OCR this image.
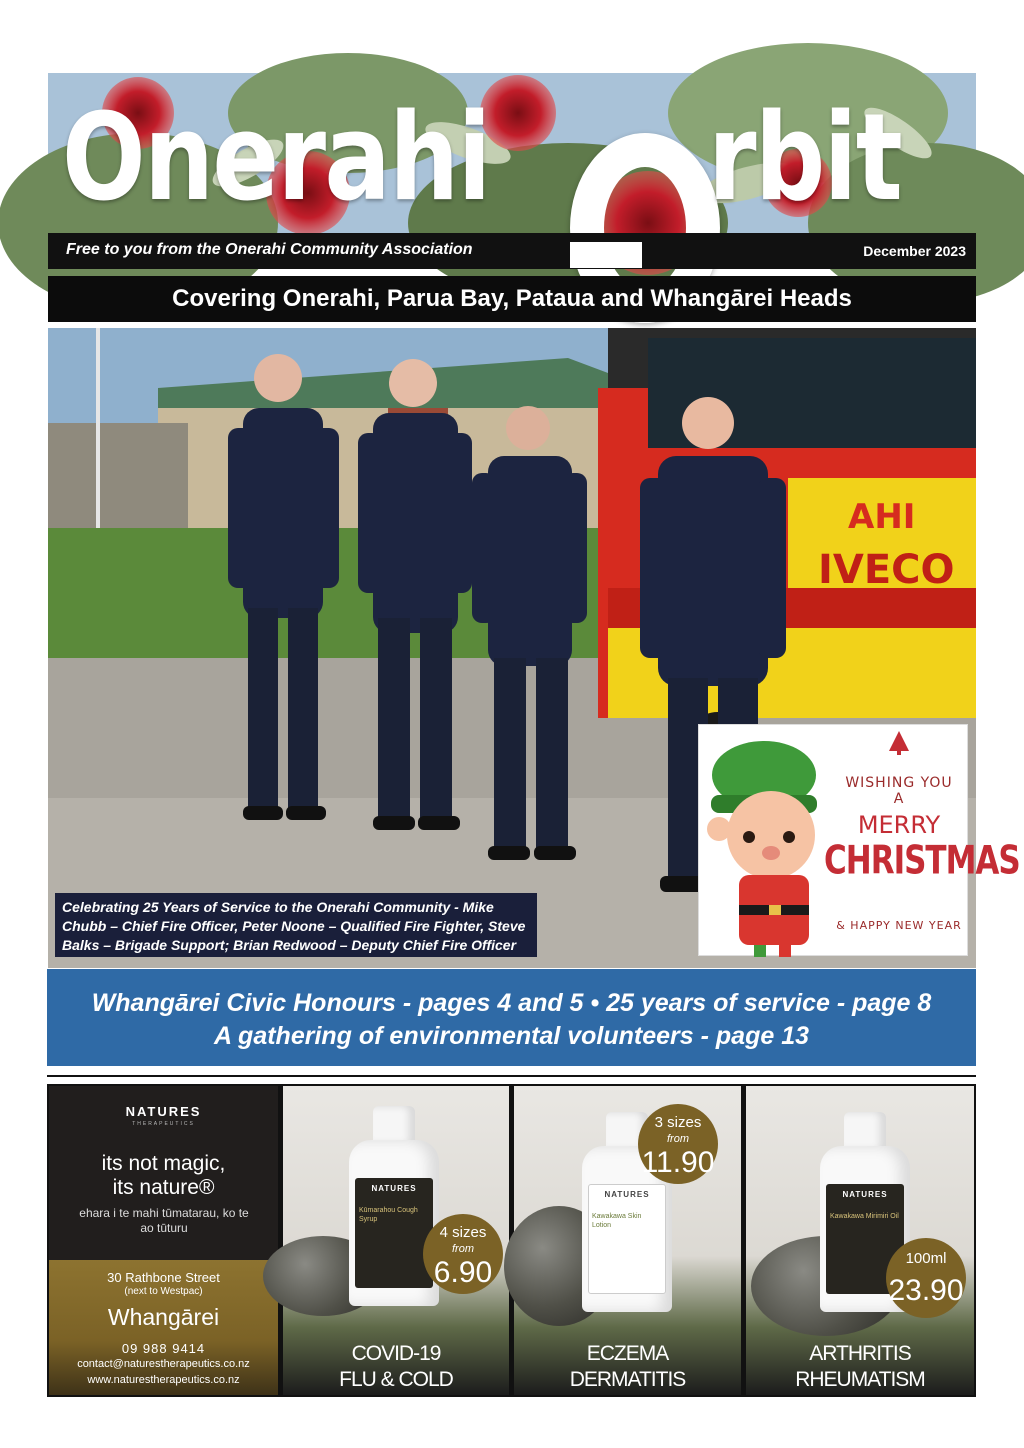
Onerahi rbit
Free to you from the Onerahi Community Association	December 2023
Covering Onerahi, Parua Bay, Pataua and Whangārei Heads
AHI
IVECO
Celebrating 25 Years of Service to the Onerahi Community - Mike Chubb – Chief Fire Officer, Peter Noone – Qualified Fire Fighter, Steve Balks – Brigade Support; Brian Redwood – Deputy Chief Fire Officer
WISHING YOU A
MERRY
CHRISTMAS
& HAPPY NEW YEAR
Whangārei Civic Honours - pages 4 and 5 • 25 years of service - page 8
A gathering of environmental volunteers - page 13
NATURES
THERAPEUTICS
its not magic,
its nature®
ehara i te mahi tūmatarau, ko te ao tūturu
30 Rathbone Street
(next to Westpac)
Whangārei
09 988 9414
contact@naturestherapeutics.co.nz
www.naturestherapeutics.co.nz
NATURES
Kūmarahou Cough Syrup
4 sizes
from
6.90
COVID-19
FLU & COLD
NATURES
Kawakawa Skin Lotion
3 sizes
from
11.90
ECZEMA
DERMATITIS
NATURES
Kawakawa Mirimiri Oil
100ml
23.90
ARTHRITIS
RHEUMATISM
